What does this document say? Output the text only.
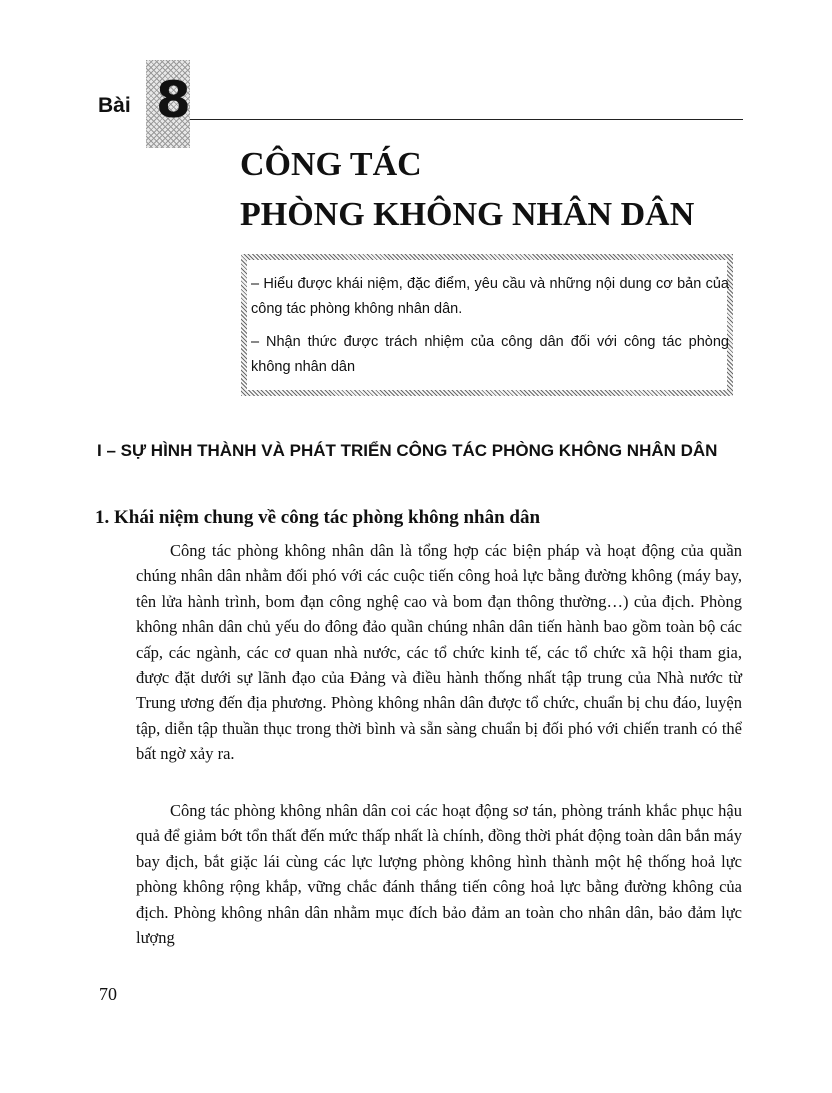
Bài 8
CÔNG TÁC
PHÒNG KHÔNG NHÂN DÂN
– Hiểu được khái niệm, đặc điểm, yêu cầu và những nội dung cơ bản của công tác phòng không nhân dân.
– Nhận thức được trách nhiệm của công dân đối với công tác phòng không nhân dân
I – SỰ HÌNH THÀNH VÀ PHÁT TRIỂN CÔNG TÁC PHÒNG KHÔNG NHÂN DÂN
1. Khái niệm chung về công tác phòng không nhân dân

Công tác phòng không nhân dân là tổng hợp các biện pháp và hoạt động của quần chúng nhân dân nhằm đối phó với các cuộc tiến công hoả lực bằng đường không (máy bay, tên lửa hành trình, bom đạn công nghệ cao và bom đạn thông thường…) của địch. Phòng không nhân dân chủ yếu do đông đảo quần chúng nhân dân tiến hành bao gồm toàn bộ các cấp, các ngành, các cơ quan nhà nước, các tổ chức kinh tế, các tổ chức xã hội tham gia, được đặt dưới sự lãnh đạo của Đảng và điều hành thống nhất tập trung của Nhà nước từ Trung ương đến địa phương. Phòng không nhân dân được tổ chức, chuẩn bị chu đáo, luyện tập, diễn tập thuần thục trong thời bình và sẵn sàng chuẩn bị đối phó với chiến tranh có thể bất ngờ xảy ra.

Công tác phòng không nhân dân coi các hoạt động sơ tán, phòng tránh khắc phục hậu quả để giảm bớt tổn thất đến mức thấp nhất là chính, đồng thời phát động toàn dân bắn máy bay địch, bắt giặc lái cùng các lực lượng phòng không hình thành một hệ thống hoả lực phòng không rộng khắp, vững chắc đánh thắng tiến công hoả lực bằng đường không của địch. Phòng không nhân dân nhằm mục đích bảo đảm an toàn cho nhân dân, bảo đảm lực lượng

70
